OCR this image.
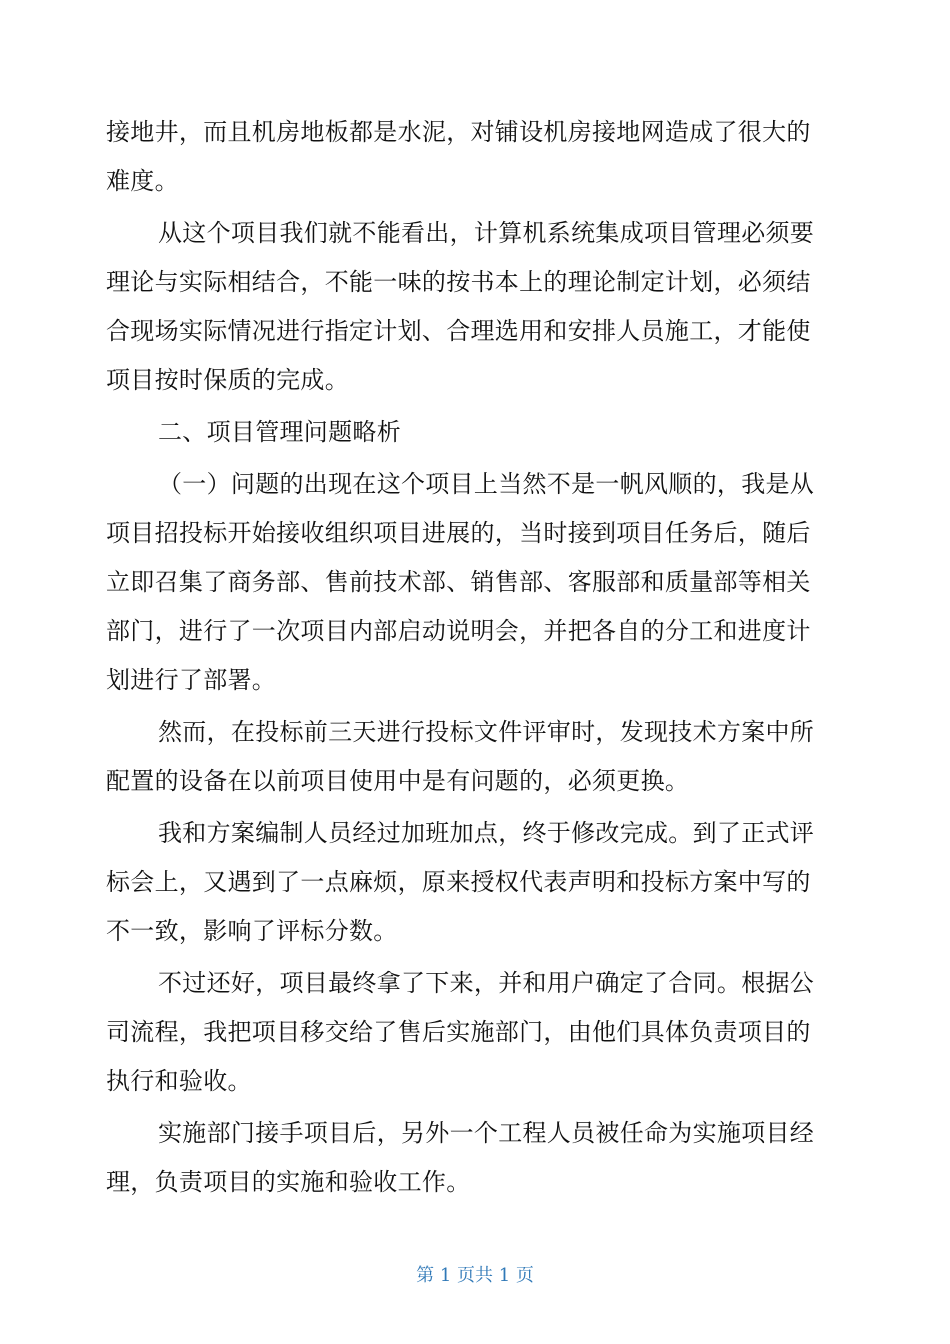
接地井，而且机房地板都是水泥，对铺设机房接地网造成了很大的
难度。

从这个项目我们就不能看出，计算机系统集成项目管理必须要
理论与实际相结合，不能一味的按书本上的理论制定计划，必须结
合现场实际情况进行指定计划、合理选用和安排人员施工，才能使
项目按时保质的完成。

二、项目管理问题略析

（一）问题的出现在这个项目上当然不是一帆风顺的，我是从
项目招投标开始接收组织项目进展的，当时接到项目任务后，随后
立即召集了商务部、售前技术部、销售部、客服部和质量部等相关
部门，进行了一次项目内部启动说明会，并把各自的分工和进度计
划进行了部署。

然而，在投标前三天进行投标文件评审时，发现技术方案中所
配置的设备在以前项目使用中是有问题的，必须更换。

我和方案编制人员经过加班加点，终于修改完成。到了正式评
标会上，又遇到了一点麻烦，原来授权代表声明和投标方案中写的
不一致，影响了评标分数。

不过还好，项目最终拿了下来，并和用户确定了合同。根据公
司流程，我把项目移交给了售后实施部门，由他们具体负责项目的
执行和验收。

实施部门接手项目后，另外一个工程人员被任命为实施项目经
理，负责项目的实施和验收工作。

第 1 页共 1 页
